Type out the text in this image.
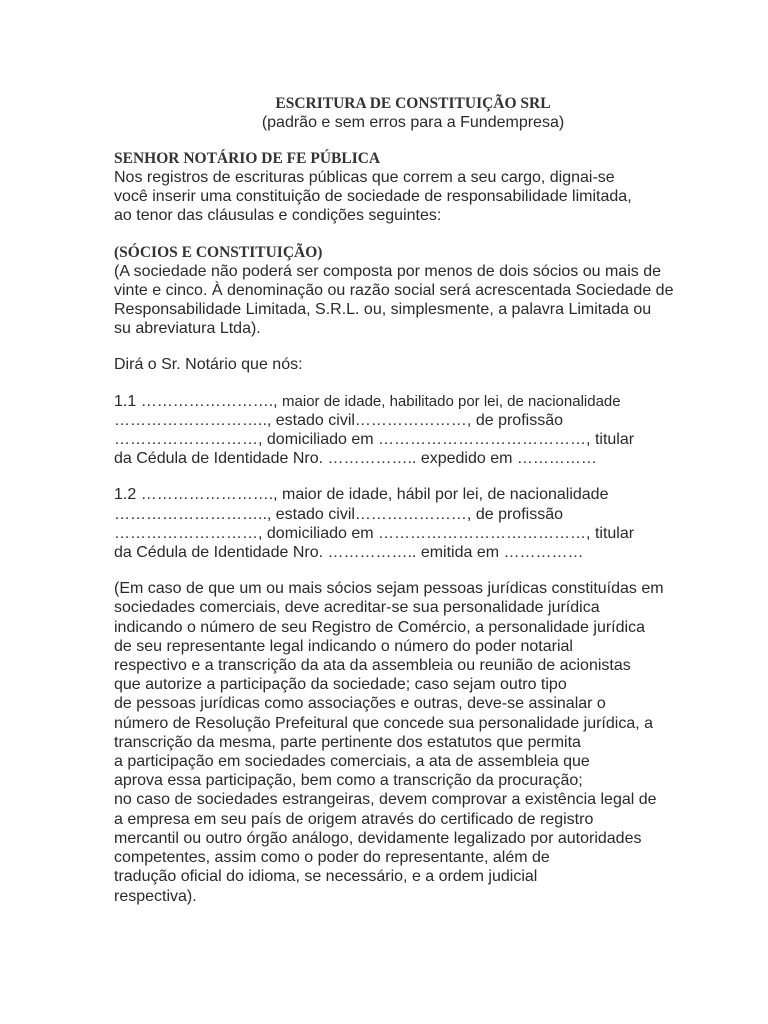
ESCRITURA DE CONSTITUIÇÃO SRL
(padrão e sem erros para a Fundempresa)
SENHOR NOTÁRIO DE FE PÚBLICA
Nos registros de escrituras públicas que correm a seu cargo, dignai-se
você inserir uma constituição de sociedade de responsabilidade limitada,
ao tenor das cláusulas e condições seguintes:
(SÓCIOS E CONSTITUIÇÃO)
(A sociedade não poderá ser composta por menos de dois sócios ou mais de
vinte e cinco. À denominação ou razão social será acrescentada Sociedade de
Responsabilidade Limitada, S.R.L. ou, simplesmente, a palavra Limitada ou
su abreviatura Ltda).
Dirá o Sr. Notário que nós:
1.1 ……………………., maior de idade, habilitado por lei, de nacionalidade
……………………….., estado civil…………………, de profissão
………………………, domiciliado em …………………………………, titular
da Cédula de Identidade Nro. …………….. expedido em ……………
1.2 ……………………., maior de idade, hábil por lei, de nacionalidade
……………………….., estado civil…………………, de profissão
………………………, domiciliado em …………………………………, titular
da Cédula de Identidade Nro. …………….. emitida em ……………
(Em caso de que um ou mais sócios sejam pessoas jurídicas constituídas em
sociedades comerciais, deve acreditar-se sua personalidade jurídica
indicando o número de seu Registro de Comércio, a personalidade jurídica
de seu representante legal indicando o número do poder notarial
respectivo e a transcrição da ata da assembleia ou reunião de acionistas
que autorize a participação da sociedade; caso sejam outro tipo
de pessoas jurídicas como associações e outras, deve-se assinalar o
número de Resolução Prefeitural que concede sua personalidade jurídica, a
transcrição da mesma, parte pertinente dos estatutos que permita
a participação em sociedades comerciais, a ata de assembleia que
aprova essa participação, bem como a transcrição da procuração;
no caso de sociedades estrangeiras, devem comprovar a existência legal de
a empresa em seu país de origem através do certificado de registro
mercantil ou outro órgão análogo, devidamente legalizado por autoridades
competentes, assim como o poder do representante, além de
tradução oficial do idioma, se necessário, e a ordem judicial
respectiva).
